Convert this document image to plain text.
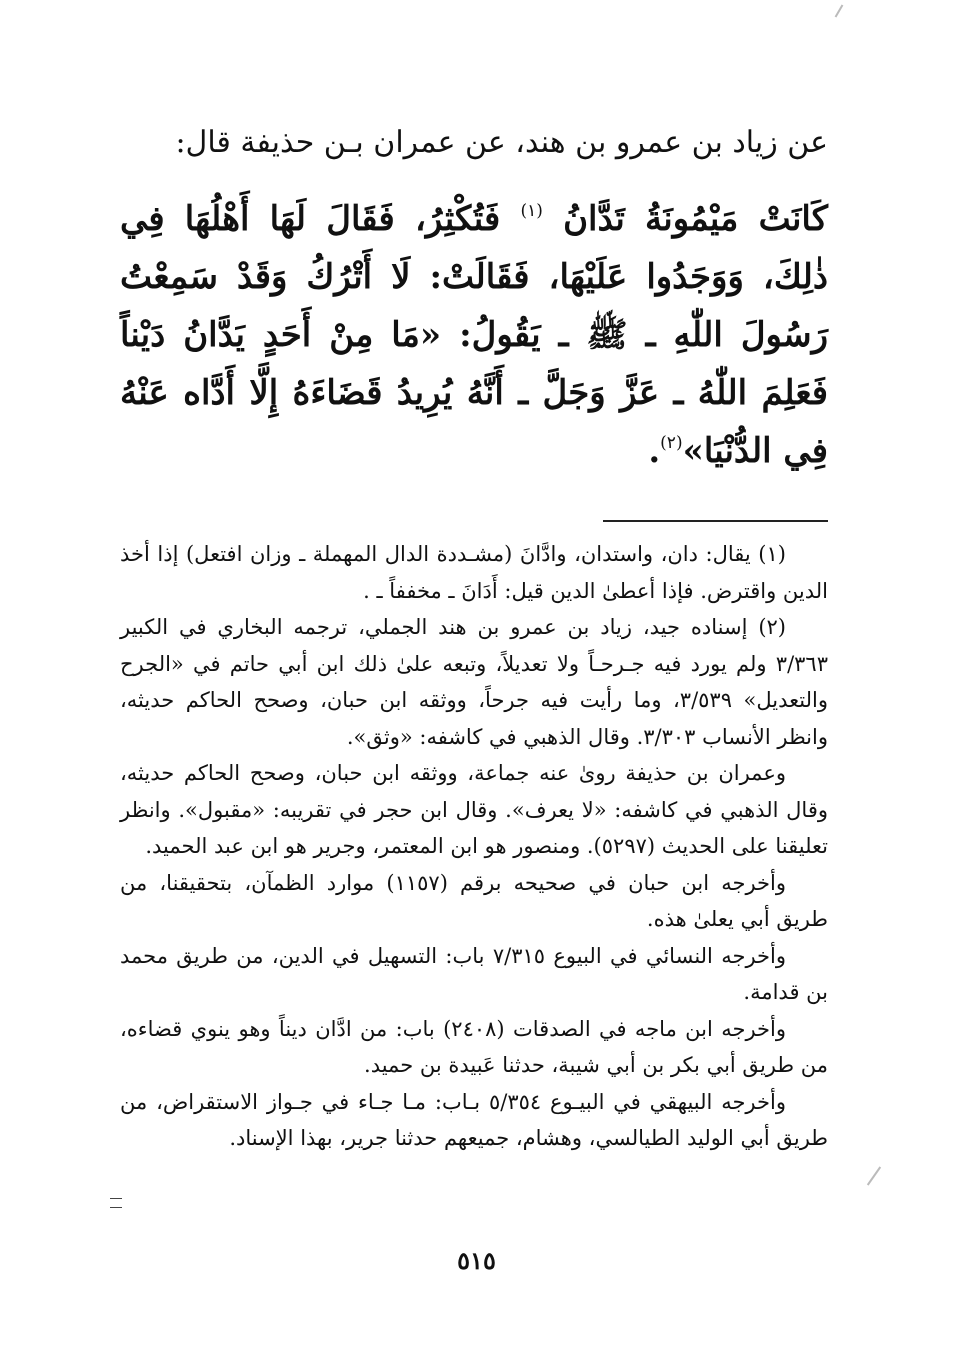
عن زياد بن عمرو بن هند، عن عمران بـن حذيفة قال:

كَانَتْ مَيْمُونَةُ تَدَّانُ $^{(١)}$ فَتُكْثِرُ، فَقَالَ لَهَا أَهْلُهَا فِي ذٰلِكَ، وَوَجَدُوا عَلَيْهَا، فَقَالَتْ: لَا أَتْرُكُ وَقَدْ سَمِعْتُ رَسُولَ اللّٰهِ ـ ﷺ ـ يَقُولُ: «مَا مِنْ أَحَدٍ يَدَّانُ دَيْناً فَعَلِمَ اللّٰهُ ـ عَزَّ وَجَلَّ ـ أَنَّهُ يُرِيدُ قَضَاءَهُ إِلَّا أَدَّاه عَنْهُ فِي الدُّنْيَا»$^{(٢)}$.

(١) يقال: دان، واستدان، وادَّانَ (مشـددة الدال المهملة ـ وزان افتعل) إذا أخذ الدين واقترض. فإذا أعطىٰ الدين قيل: أَدَانَ ـ مخففاً ـ .

(٢) إسناده جيد، زياد بن عمرو بن هند الجملي، ترجمه البخاري في الكبير ٣/٣٦٣ ولم يورد فيه جـرحـاً ولا تعديلاً، وتبعه علىٰ ذلك ابن أبي حاتم في «الجرح والتعديل» ٣/٥٣٩، وما رأيت فيه جرحاً، ووثقه ابن حبان، وصحح الحاكم حديثه، وانظر الأنساب ٣/٣٠٣. وقال الذهبي في كاشفه: «وثق».

وعمران بن حذيفة روىٰ عنه جماعة، ووثقه ابن حبان، وصحح الحاكم حديثه، وقال الذهبي في كاشفه: «لا يعرف». وقال ابن حجر في تقريبه: «مقبول». وانظر تعليقنا على الحديث (٥٢٩٧). ومنصور هو ابن المعتمر، وجرير هو ابن عبد الحميد.

وأخرجه ابن حبان في صحيحه برقم (١١٥٧) موارد الظمآن، بتحقيقنا، من طريق أبي يعلىٰ هذه.

وأخرجه النسائي في البيوع ٧/٣١٥ باب: التسهيل في الدين، من طريق محمد بن قدامة.

وأخرجه ابن ماجه في الصدقات (٢٤٠٨) باب: من ادَّان ديناً وهو ينوي قضاءه، من طريق أبي بكر بن أبي شيبة، حدثنا عَبيدة بن حميد.

وأخرجه البيهقي في البيـوع ٥/٣٥٤ بـاب: مـا جـاء في جـواز الاستقراض، من طريق أبي الوليد الطيالسي، وهشام، جميعهم حدثنا جرير، بهذا الإسناد.

٥١٥
